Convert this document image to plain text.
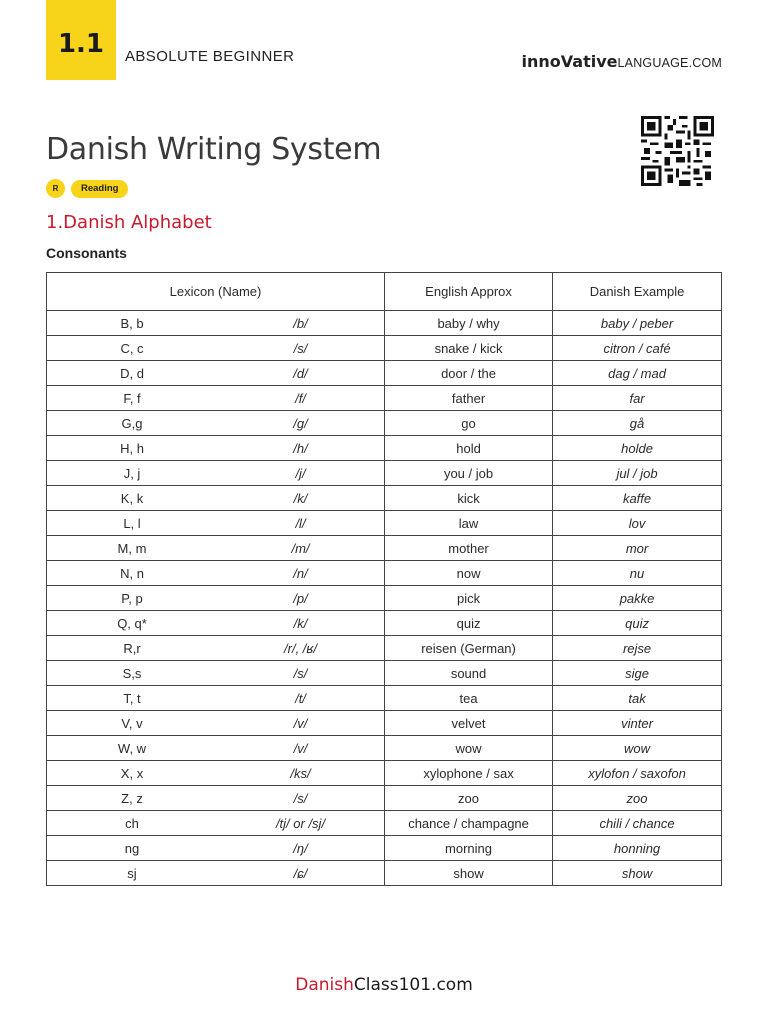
1.1 ABSOLUTE BEGINNER	innoVativeLANGUAGE.COM
Danish Writing System
R	Reading
1.Danish Alphabet
Consonants
Lexicon (Name)	English Approx	Danish Example

B, b /b/	baby / why	baby / peber

C, c /s/	snake / kick	citron / café

D, d /d/	door / the	dag / mad

F, f /f/	father	far

G,g /g/	go	gå

H, h /h/	hold	holde

J, j /j/	you / job	jul / job

K, k /k/	kick	kaffe

L, l /l/	law	lov

M, m /m/	mother	mor

N, n /n/	now	nu

P, p /p/	pick	pakke

Q, q* /k/	quiz	quiz

R,r /r/, /ʁ/	reisen (German)	rejse

S,s /s/	sound	sige

T, t /t/	tea	tak

V, v /v/	velvet	vinter

W, w /v/	wow	wow

X, x /ks/	xylophone / sax	xylofon / saxofon

Z, z /s/	zoo	zoo

ch /tj/ or /sj/	chance / champagne	chili / chance

ng /ŋ/	morning	honning

sj /ɕ/	show	show
DanishClass101.com
